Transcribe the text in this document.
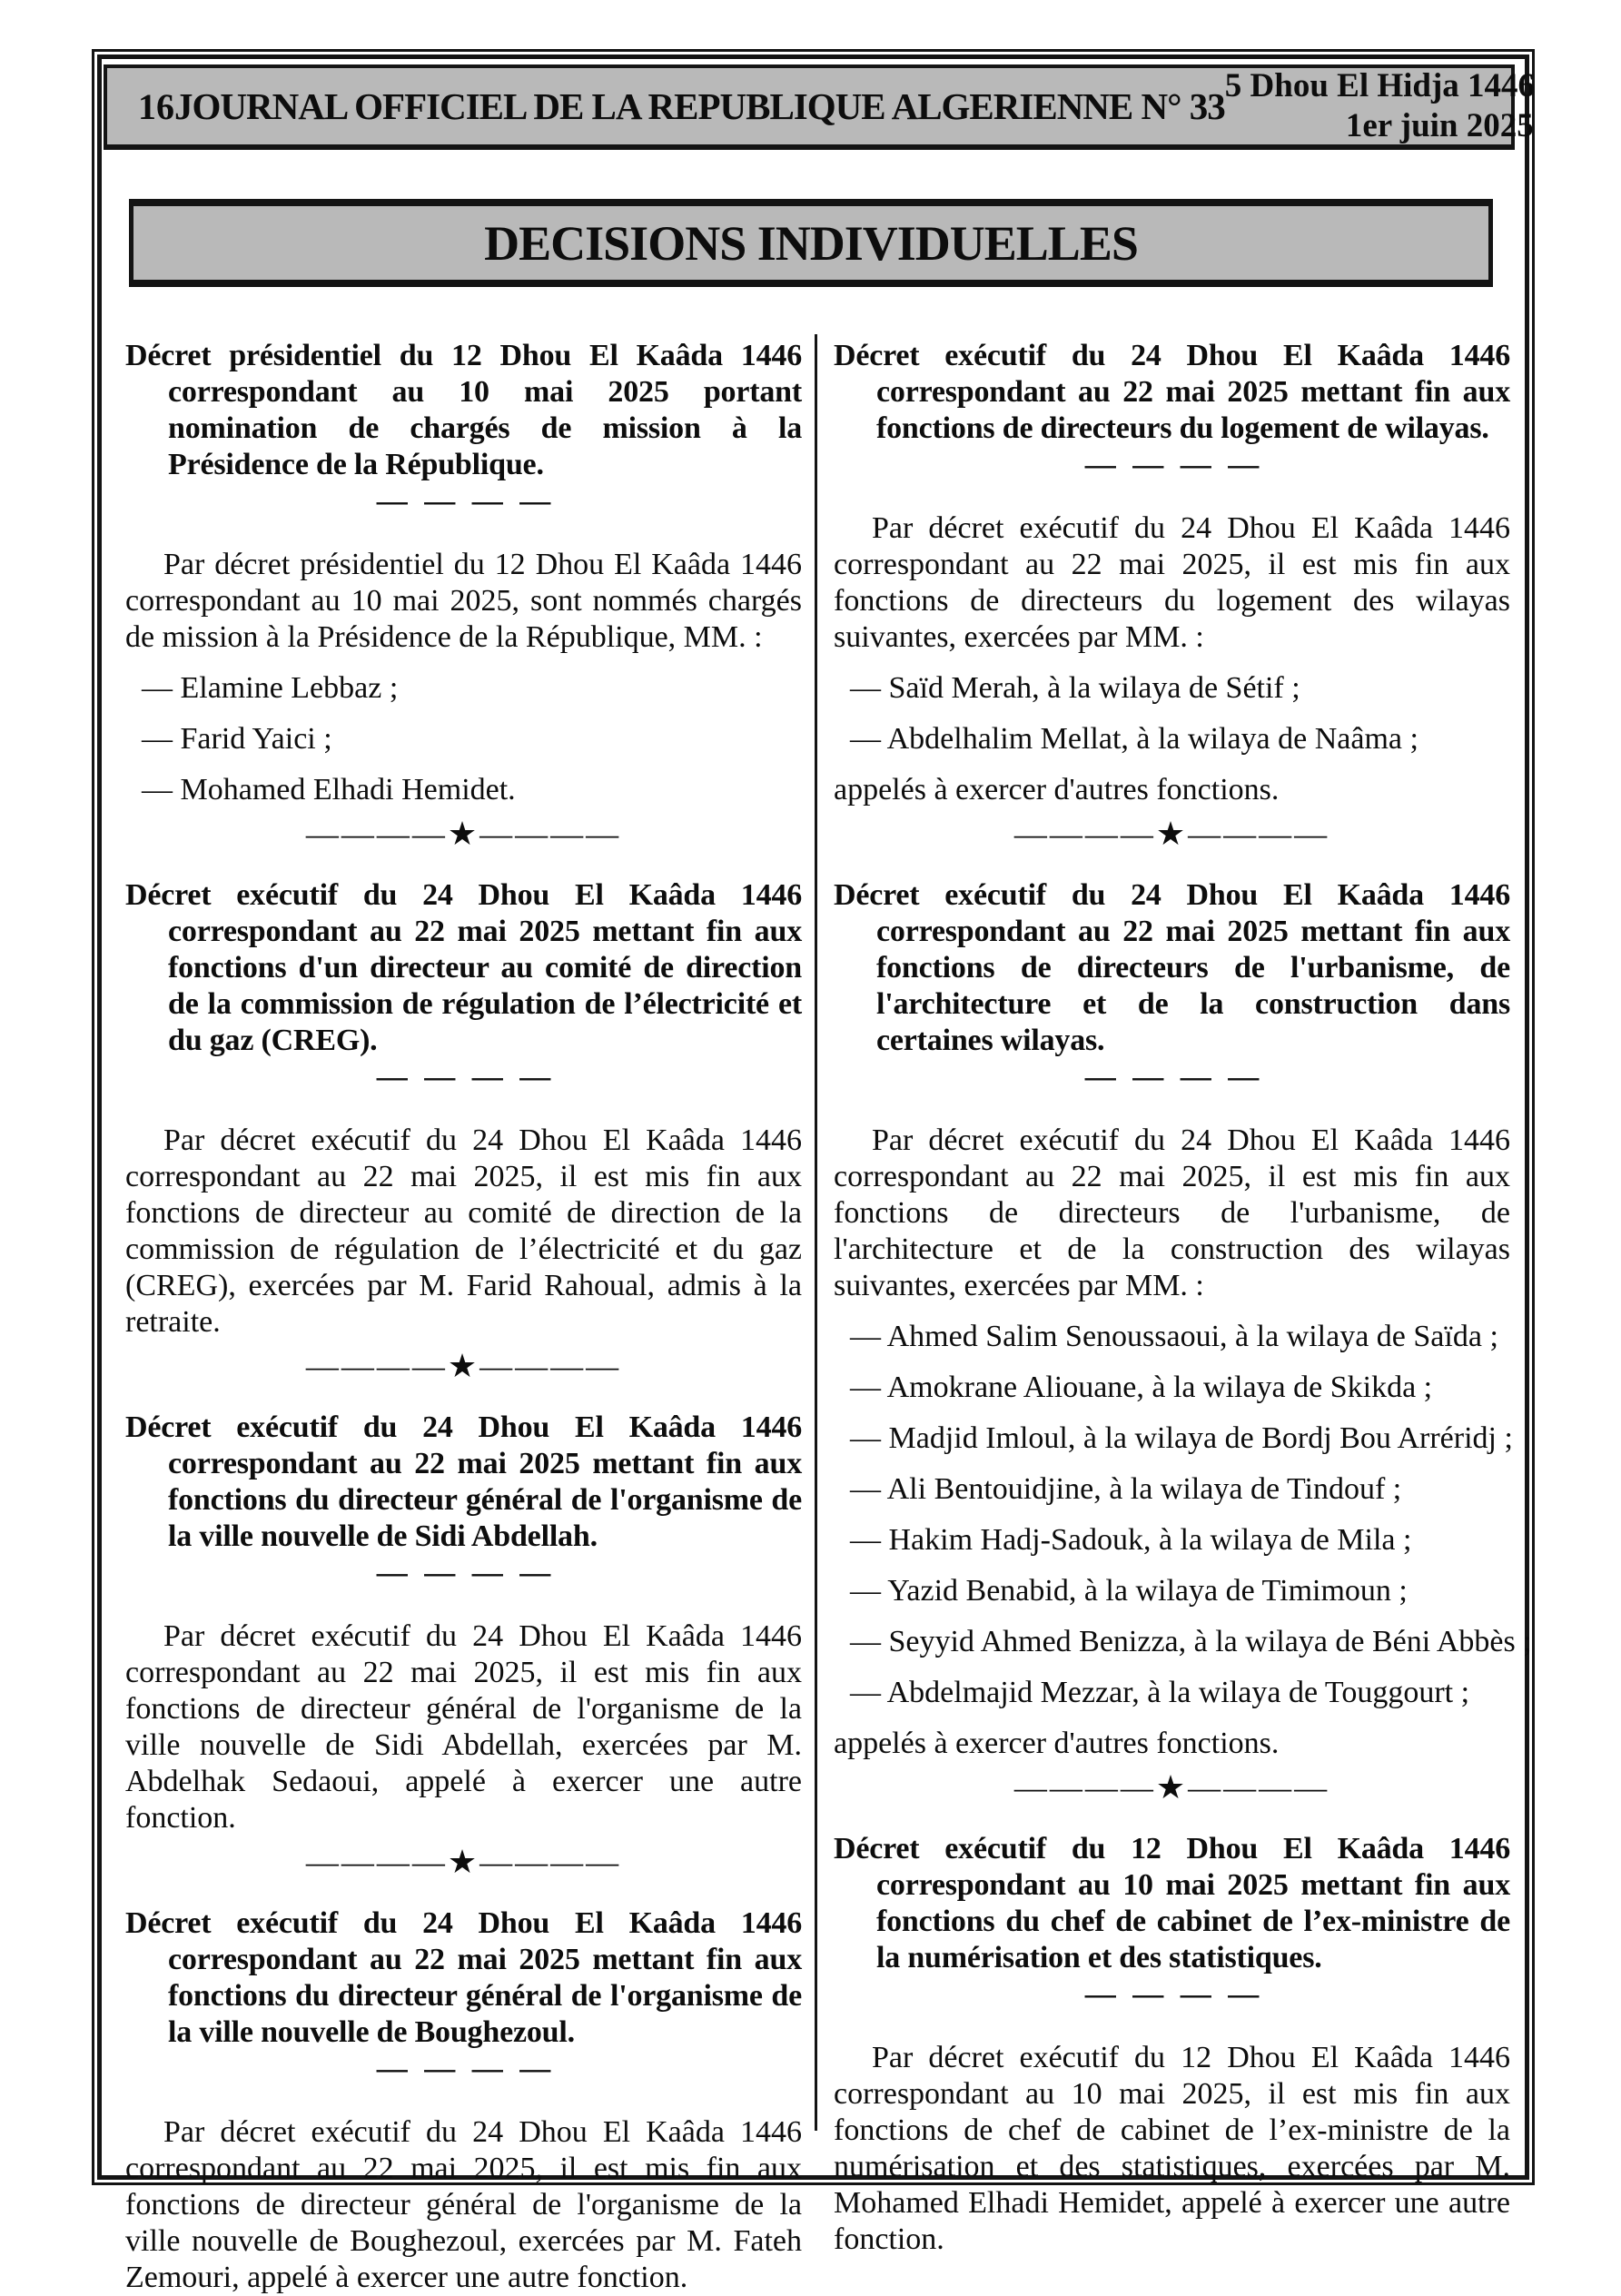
16 JOURNAL OFFICIEL DE LA REPUBLIQUE ALGERIENNE N° 33 5 Dhou El Hidja 1446
1er juin 2025
DECISIONS INDIVIDUELLES
Décret présidentiel du 12 Dhou El Kaâda 1446 correspondant au 10 mai 2025 portant nomination de chargés de mission à la Présidence de la République.
— — — —
Par décret présidentiel du 12 Dhou El Kaâda 1446 correspondant au 10 mai 2025, sont nommés chargés de mission à la Présidence de la République, MM. :
— Elamine Lebbaz ;
— Farid Yaici ;
— Mohamed Elhadi Hemidet.
————★————
Décret exécutif du 24 Dhou El Kaâda 1446 correspondant au 22 mai 2025 mettant fin aux fonctions d'un directeur au comité de direction de la commission de régulation de l’électricité et du gaz (CREG).
— — — —
Par décret exécutif du 24 Dhou El Kaâda 1446 correspondant au 22 mai 2025, il est mis fin aux fonctions de directeur au comité de direction de la commission de régulation de l’électricité et du gaz (CREG), exercées par M. Farid Rahoual, admis à la retraite.
————★————
Décret exécutif du 24 Dhou El Kaâda 1446 correspondant au 22 mai 2025 mettant fin aux fonctions du directeur général de l'organisme de la ville nouvelle de Sidi Abdellah.
— — — —
Par décret exécutif du 24 Dhou El Kaâda 1446 correspondant au 22 mai 2025, il est mis fin aux fonctions de directeur général de l'organisme de la ville nouvelle de Sidi Abdellah, exercées par M. Abdelhak Sedaoui, appelé à exercer une autre fonction.
————★————
Décret exécutif du 24 Dhou El Kaâda 1446 correspondant au 22 mai 2025 mettant fin aux fonctions du directeur général de l'organisme de la ville nouvelle de Boughezoul.
— — — —
Par décret exécutif du 24 Dhou El Kaâda 1446 correspondant au 22 mai 2025, il est mis fin aux fonctions de directeur général de l'organisme de la ville nouvelle de Boughezoul, exercées par M. Fateh Zemouri, appelé à exercer une autre fonction.
Décret exécutif du 24 Dhou El Kaâda 1446 correspondant au 22 mai 2025 mettant fin aux fonctions de directeurs du logement de wilayas.
— — — —
Par décret exécutif du 24 Dhou El Kaâda 1446 correspondant au 22 mai 2025, il est mis fin aux fonctions de directeurs du logement des wilayas suivantes, exercées par MM. :
— Saïd Merah, à la wilaya de Sétif ;
— Abdelhalim Mellat, à la wilaya de Naâma ;
appelés à exercer d'autres fonctions.
————★————
Décret exécutif du 24 Dhou El Kaâda 1446 correspondant au 22 mai 2025 mettant fin aux fonctions de directeurs de l'urbanisme, de l'architecture et de la construction dans certaines wilayas.
— — — —
Par décret exécutif du 24 Dhou El Kaâda 1446 correspondant au 22 mai 2025, il est mis fin aux fonctions de directeurs de l'urbanisme, de l'architecture et de la construction des wilayas suivantes, exercées par MM. :
— Ahmed Salim Senoussaoui, à la wilaya de Saïda ;
— Amokrane Aliouane, à la wilaya de Skikda ;
— Madjid Imloul, à la wilaya de Bordj Bou Arréridj ;
— Ali Bentouidjine, à la wilaya de Tindouf ;
— Hakim Hadj-Sadouk, à la wilaya de Mila ;
— Yazid Benabid, à la wilaya de Timimoun ;
— Seyyid Ahmed Benizza, à la wilaya de Béni Abbès ;
— Abdelmajid Mezzar, à la wilaya de Touggourt ;
appelés à exercer d'autres fonctions.
————★————
Décret exécutif du 12 Dhou El Kaâda 1446 correspondant au 10 mai 2025 mettant fin aux fonctions du chef de cabinet de l’ex-ministre de la numérisation et des statistiques.
— — — —
Par décret exécutif du 12 Dhou El Kaâda 1446 correspondant au 10 mai 2025, il est mis fin aux fonctions de chef de cabinet de l’ex-ministre de la numérisation et des statistiques, exercées par M. Mohamed Elhadi Hemidet, appelé à exercer une autre fonction.
